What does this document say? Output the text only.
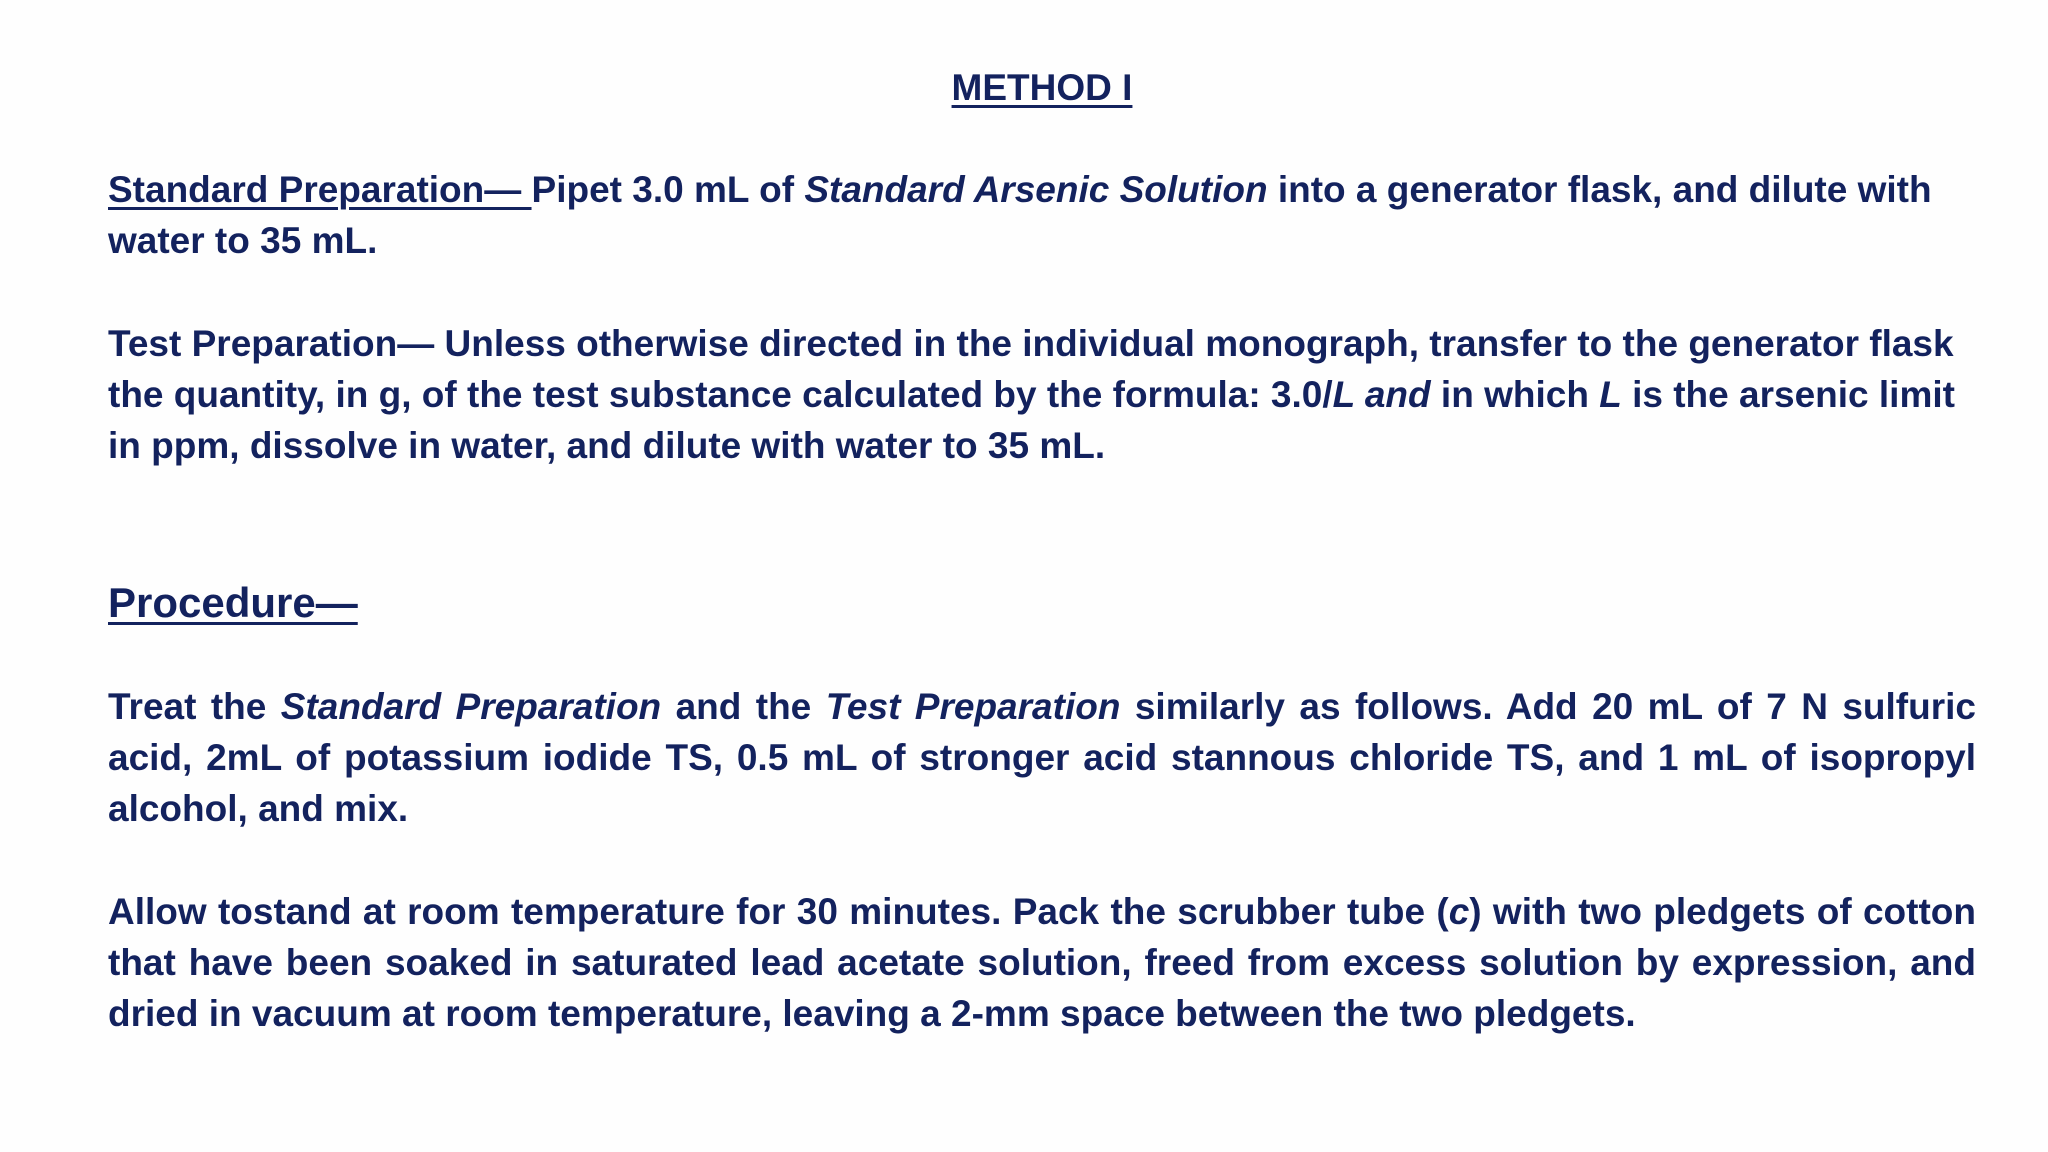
METHOD I

Standard Preparation— Pipet 3.0 mL of Standard Arsenic Solution into a generator flask, and dilute with water to 35 mL.

Test Preparation— Unless otherwise directed in the individual monograph, transfer to the generator flask the quantity, in g, of the test substance calculated by the formula: 3.0/L and in which L is the arsenic limit in ppm, dissolve in water, and dilute with water to 35 mL.

Procedure—

Treat the Standard Preparation and the Test Preparation similarly as follows. Add 20 mL of 7 N sulfuric acid, 2mL of potassium iodide TS, 0.5 mL of stronger acid stannous chloride TS, and 1 mL of isopropyl alcohol, and mix.

Allow tostand at room temperature for 30 minutes. Pack the scrubber tube (c) with two pledgets of cotton that have been soaked in saturated lead acetate solution, freed from excess solution by expression, and dried in vacuum at room temperature, leaving a 2-mm space between the two pledgets.
